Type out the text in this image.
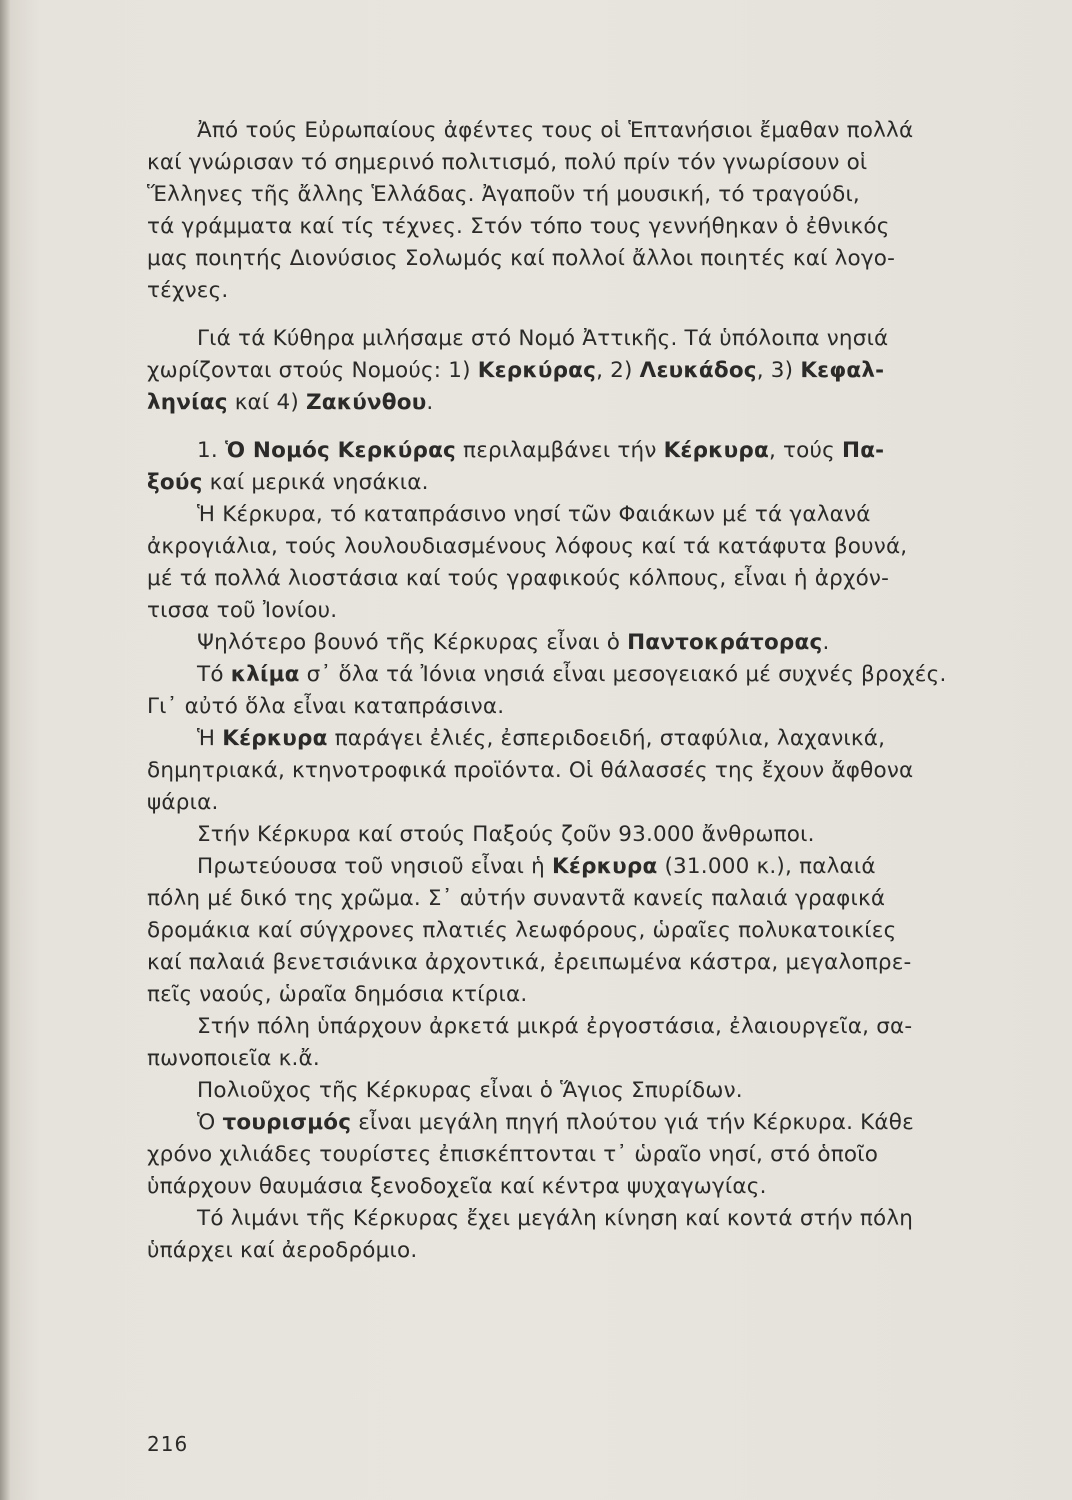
Ἀπό τούς Εὐρωπαίους ἀφέντες τους οἱ Ἑπτανήσιοι ἔμαθαν πολλά
καί γνώρισαν τό σημερινό πολιτισμό, πολύ πρίν τόν γνωρίσουν οἱ
Ἕλληνες τῆς ἄλλης Ἑλλάδας. Ἀγαποῦν τή μουσική, τό τραγούδι,
τά γράμματα καί τίς τέχνες. Στόν τόπο τους γεννήθηκαν ὁ ἐθνικός
μας ποιητής Διονύσιος Σολωμός καί πολλοί ἄλλοι ποιητές καί λογο-
τέχνες.
Γιά τά Κύθηρα μιλήσαμε στό Νομό Ἀττικῆς. Τά ὑπόλοιπα νησιά
χωρίζονται στούς Νομούς: 1) Κερκύρας, 2) Λευκάδος, 3) Κεφαλ-
ληνίας καί 4) Ζακύνθου.
1. Ὁ Νομός Κερκύρας περιλαμβάνει τήν Κέρκυρα, τούς Πα-
ξούς καί μερικά νησάκια.
Ἡ Κέρκυρα, τό καταπράσινο νησί τῶν Φαιάκων μέ τά γαλανά
ἀκρογιάλια, τούς λουλουδιασμένους λόφους καί τά κατάφυτα βουνά,
μέ τά πολλά λιοστάσια καί τούς γραφικούς κόλπους, εἶναι ἡ ἀρχόν-
τισσα τοῦ Ἰονίου.
Ψηλότερο βουνό τῆς Κέρκυρας εἶναι ὁ Παντοκράτορας.
Τό κλίμα σ᾽ ὅλα τά Ἰόνια νησιά εἶναι μεσογειακό μέ συχνές βροχές.
Γι᾽ αὐτό ὅλα εἶναι καταπράσινα.
Ἡ Κέρκυρα παράγει ἐλιές, ἐσπεριδοειδή, σταφύλια, λαχανικά,
δημητριακά, κτηνοτροφικά προϊόντα. Οἱ θάλασσές της ἔχουν ἄφθονα
ψάρια.
Στήν Κέρκυρα καί στούς Παξούς ζοῦν 93.000 ἄνθρωποι.
Πρωτεύουσα τοῦ νησιοῦ εἶναι ἡ Κέρκυρα (31.000 κ.), παλαιά
πόλη μέ δικό της χρῶμα. Σ᾽ αὐτήν συναντᾶ κανείς παλαιά γραφικά
δρομάκια καί σύγχρονες πλατιές λεωφόρους, ὡραῖες πολυκατοικίες
καί παλαιά βενετσιάνικα ἀρχοντικά, ἐρειπωμένα κάστρα, μεγαλοπρε-
πεῖς ναούς, ὡραῖα δημόσια κτίρια.
Στήν πόλη ὑπάρχουν ἀρκετά μικρά ἐργοστάσια, ἐλαιουργεῖα, σα-
πωνοποιεῖα κ.ἄ.
Πολιοῦχος τῆς Κέρκυρας εἶναι ὁ Ἅγιος Σπυρίδων.
Ὁ τουρισμός εἶναι μεγάλη πηγή πλούτου γιά τήν Κέρκυρα. Κάθε
χρόνο χιλιάδες τουρίστες ἐπισκέπτονται τ᾽ ὡραῖο νησί, στό ὁποῖο
ὑπάρχουν θαυμάσια ξενοδοχεῖα καί κέντρα ψυχαγωγίας.
Τό λιμάνι τῆς Κέρκυρας ἔχει μεγάλη κίνηση καί κοντά στήν πόλη
ὑπάρχει καί ἀεροδρόμιο.
216
